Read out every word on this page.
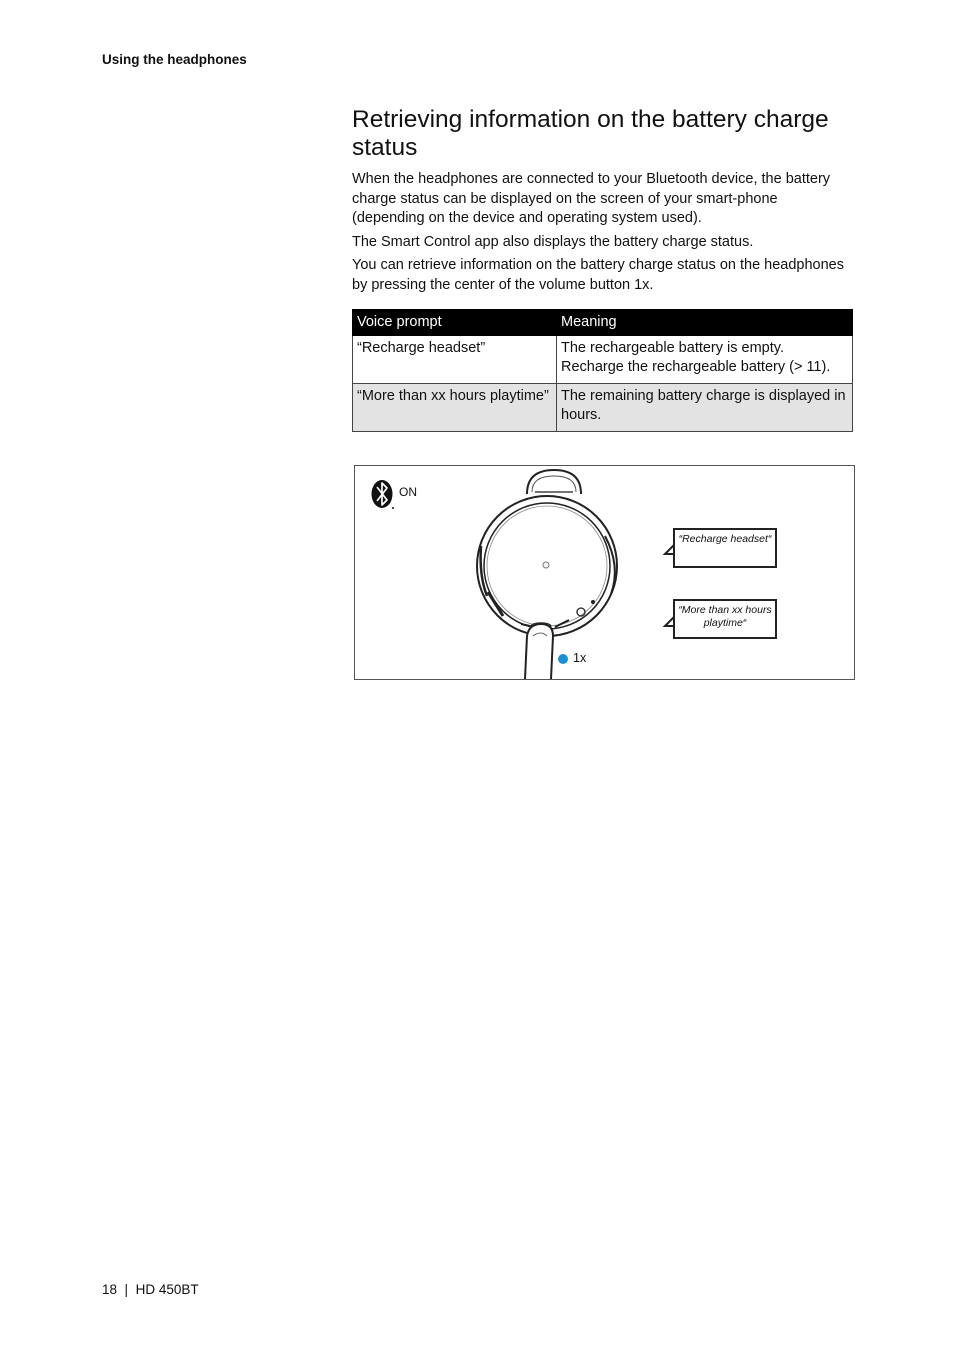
Using the headphones
Retrieving information on the battery charge status

When the headphones are connected to your Bluetooth device, the battery charge status can be displayed on the screen of your smart-phone (depending on the device and operating system used).

The Smart Control app also displays the battery charge status.

You can retrieve information on the battery charge status on the headphones by pressing the center of the volume button 1x.

Voice prompt	Meaning
“Recharge headset”	The rechargeable battery is empty. Recharge the rechargeable battery (> 11).
“More than xx hours playtime”	The remaining battery charge is displayed in hours.
ON
“Recharge headset“
“More than xx hours playtime“
1x
18 | HD 450BT
